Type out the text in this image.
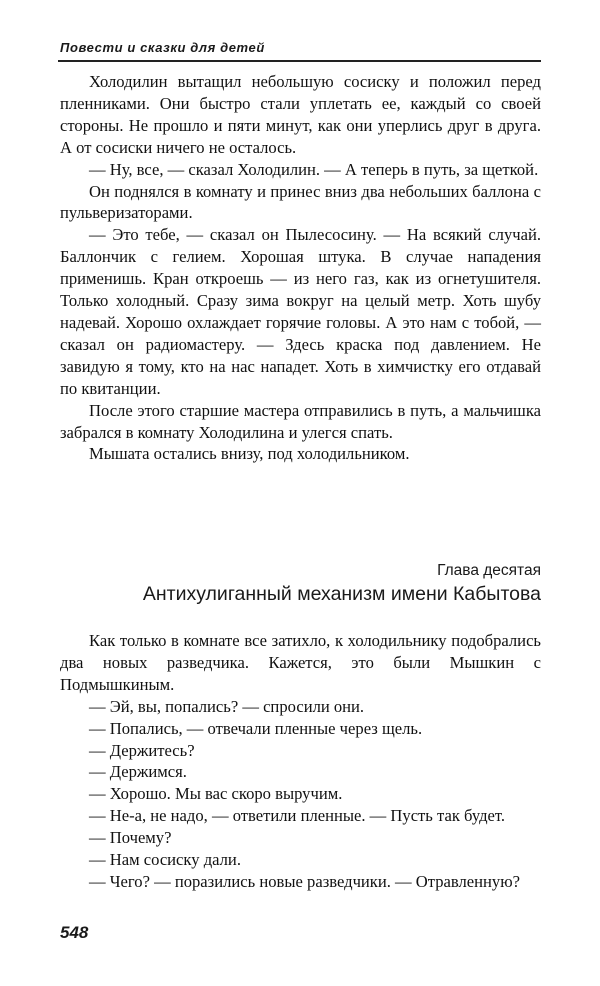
Повести и сказки для детей

Холодилин вытащил небольшую сосиску и положил перед пленниками. Они быстро стали уплетать ее, каждый со своей стороны. Не прошло и пяти минут, как они уперлись друг в друга. А от сосиски ничего не осталось.

— Ну, все, — сказал Холодилин. — А теперь в путь, за щеткой.

Он поднялся в комнату и принес вниз два небольших баллона с пульверизаторами.

— Это тебе, — сказал он Пылесосину. — На всякий случай. Баллончик с гелием. Хорошая штука. В случае нападения применишь. Кран откроешь — из него газ, как из огнетушителя. Только холодный. Сразу зима вокруг на целый метр. Хоть шубу надевай. Хорошо охлаждает горячие головы. А это нам с тобой, — сказал он радиомастеру. — Здесь краска под давлением. Не завидую я тому, кто на нас нападет. Хоть в химчистку его отдавай по квитанции.

После этого старшие мастера отправились в путь, а мальчишка забрался в комнату Холодилина и улегся спать.

Мышата остались внизу, под холодильником.

Глава десятая
Антихулиганный механизм имени Кабытова

Как только в комнате все затихло, к холодильнику подобрались два новых разведчика. Кажется, это были Мышкин с Подмышкиным.

— Эй, вы, попались? — спросили они.

— Попались, — отвечали пленные через щель.

— Держитесь?

— Держимся.

— Хорошо. Мы вас скоро выручим.

— Не-а, не надо, — ответили пленные. — Пусть так будет.

— Почему?

— Нам сосиску дали.

— Чего? — поразились новые разведчики. — Отравленную?

548
